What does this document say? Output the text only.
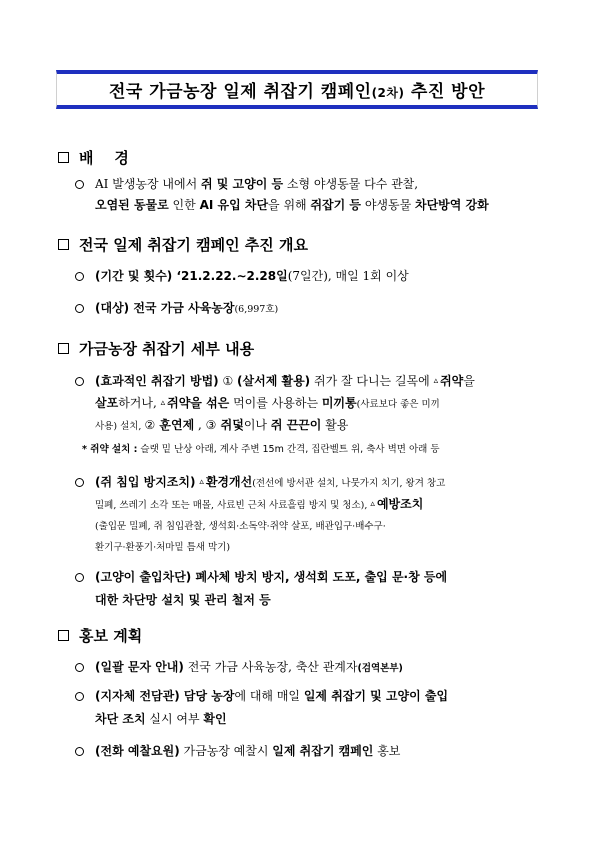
전국 가금농장 일제 취잡기 캠페인(2차) 추진 방안
배    경
AI 발생농장 내에서 쥐 및 고양이 등 소형 야생동물 다수 관찰,
오염된 동물로 인한 AI 유입 차단을 위해 쥐잡기 등 야생동물 차단방역 강화
전국 일제 취잡기 캠페인 추진 개요
(기간 및 횟수) ‘21.2.22.∼2.28일(7일간), 매일 1회 이상
(대상) 전국 가금 사육농장(6,997호)
가금농장 취잡기 세부 내용
(효과적인 취잡기 방법) ① (살서제 활용) 쥐가 잘 다니는 길목에 ▵ 쥐약을
살포하거나, ▵ 쥐약을 섞은 먹이를 사용하는 미끼통(사료보다 좋은 미끼
사용) 설치, ② 훈연제 , ③ 쥐덫이나 쥐 끈끈이 활용
* 쥐약 설치 : 슬랫 밑 난상 아래, 계사 주변 15m 간격, 집란벨트 위, 축사 벽면 아래 등
(쥐 침입 방지조치) ▵ 환경개선(전선에 방서관 설치, 나뭇가지 치기, 왕겨 창고
밀폐, 쓰레기 소각 또는 매몰, 사료빈 근처 사료흘림 방지 및 청소), ▵ 예방조치
(출입문 밀폐, 쥐 침입관찰, 생석회·소독약·쥐약 살포, 배관입구·배수구·
환기구·환풍기·처마밑 틈새 막기)
(고양이 출입차단) 폐사체 방치 방지, 생석회 도포, 출입 문·창 등에
대한 차단망 설치 및 관리 철저 등
홍보 계획
(일괄 문자 안내) 전국 가금 사육농장, 축산 관계자(검역본부)
(지자체 전담관) 담당 농장에 대해 매일 일제 취잡기 및 고양이 출입
차단 조치 실시 여부 확인
(전화 예찰요원) 가금농장 예찰시 일제 취잡기 캠페인 홍보
